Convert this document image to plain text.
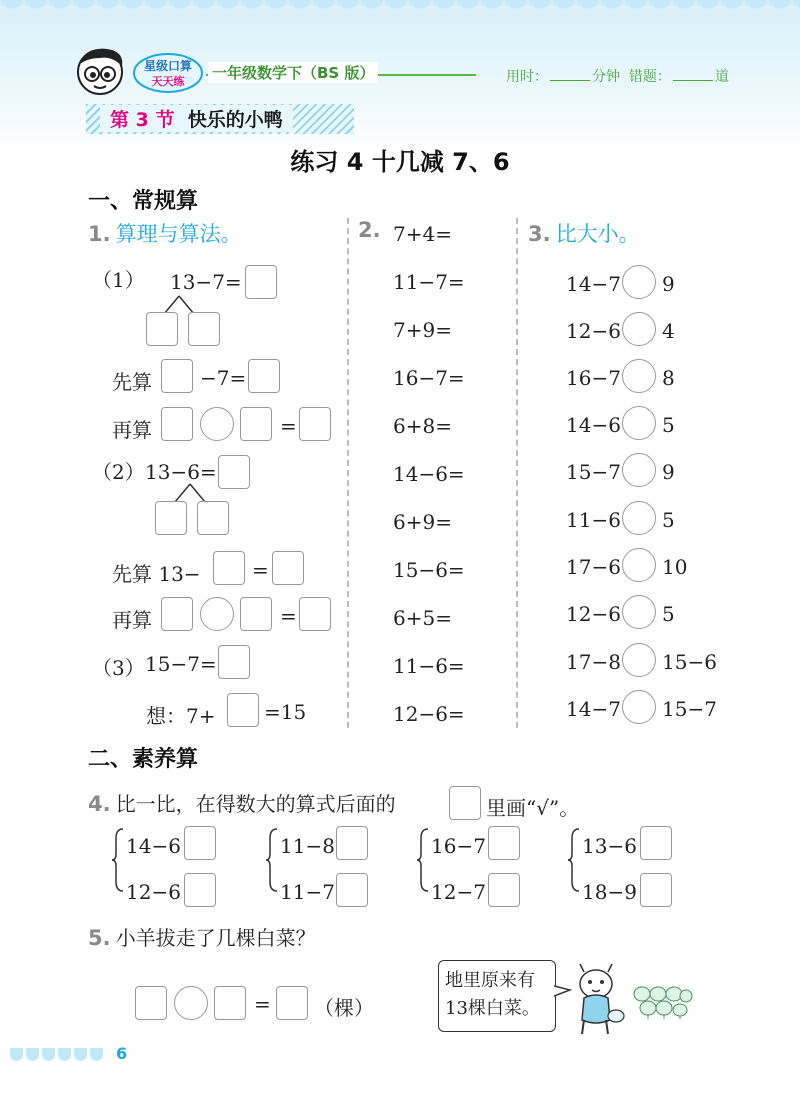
星级口算
天天练 一年级数学下（BS 版）	用时：	分钟 错题：	道
第 3 节 快乐的小鸭
练习 4 十几减 7、6
一、常规算
1. 算理与算法。
（1） 13−7=
先算 −7=
再算	=
（2） 13−6=
先算 13−	=
再算	=
（3） 15−7=
想：7+ =15
2. 7+4=
11−7=
7+9=
16−7=
6+8=
14−6=
6+9=
15−6=
6+5=
11−6=
12−6=
3. 比大小。
14−7 9
12−6 4
16−7 8
14−6 5
15−7 9
11−6 5
17−6 10
12−6 5
17−8 15−6
14−7 15−7
二、素养算
4. 比一比，在得数大的算式后面的	里画“√”。
14−6
12−6
11−8
11−7
16−7
12−7
13−6
18−9
5. 小羊拔走了几棵白菜？
= （棵）
地里原来有
13棵白菜。
6
